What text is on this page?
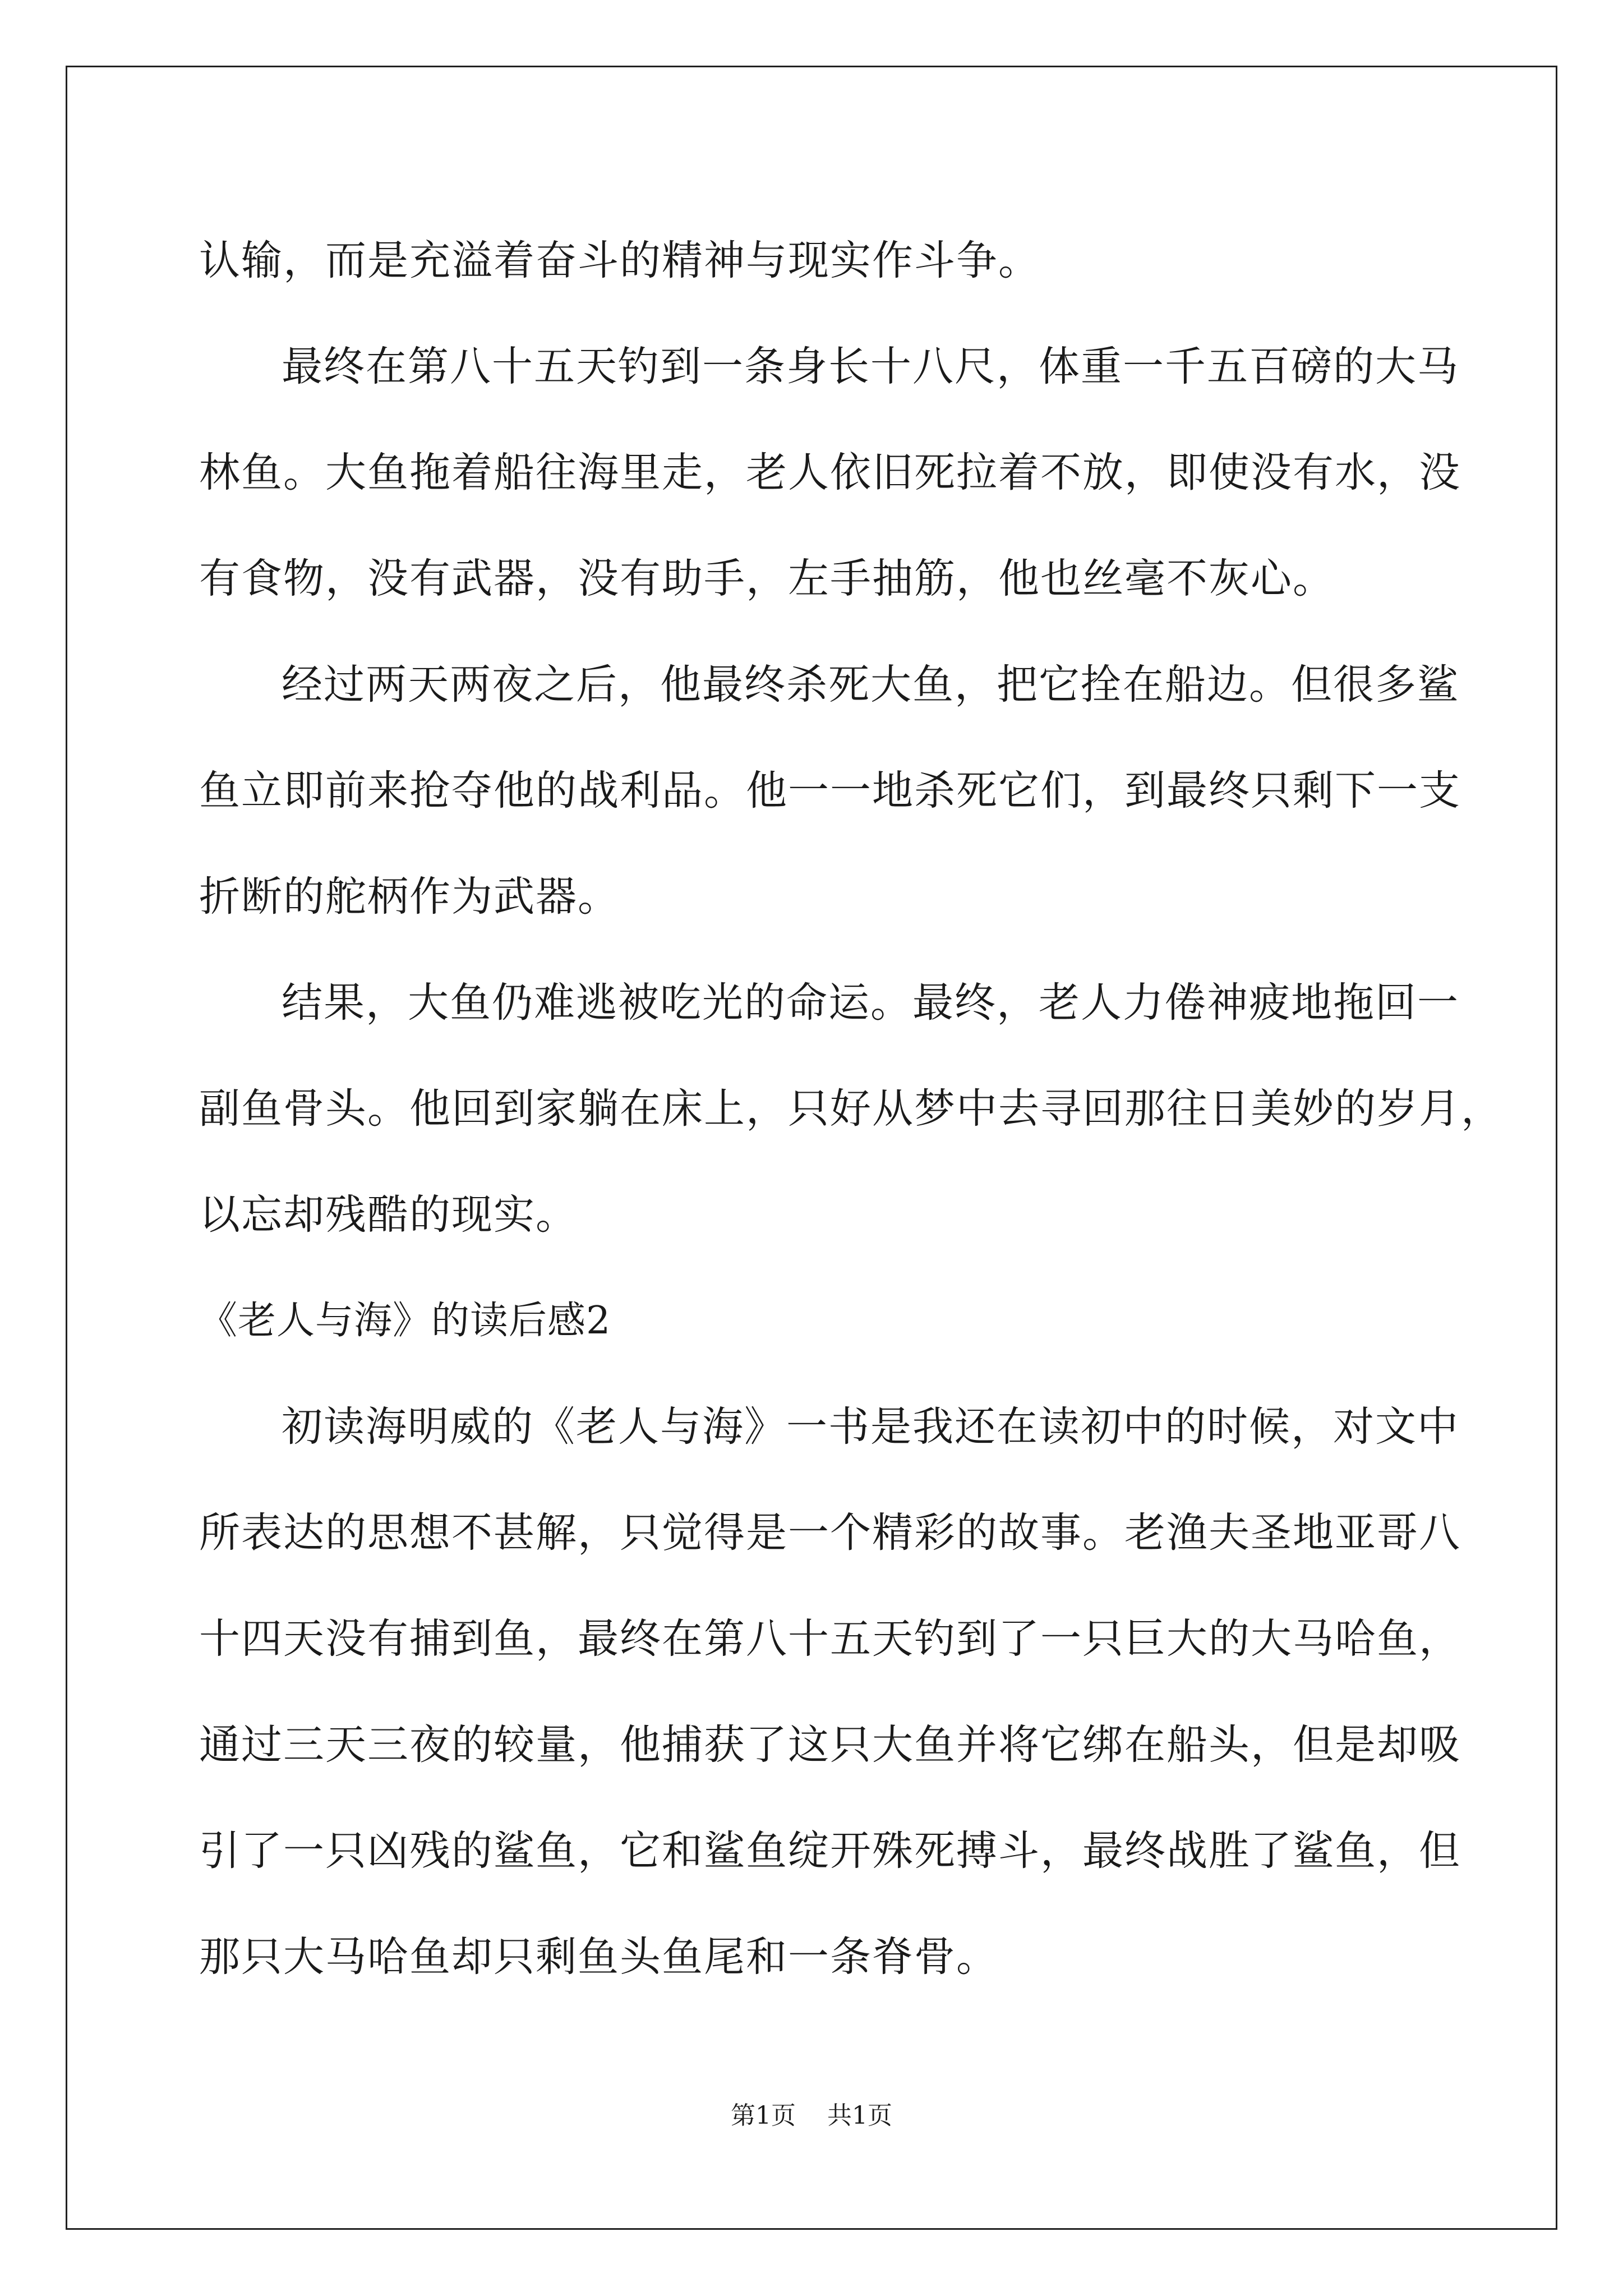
认输，而是充溢着奋斗的精神与现实作斗争。
最终在第八十五天钓到一条身长十八尺，体重一千五百磅的大马
林鱼。大鱼拖着船往海里走，老人依旧死拉着不放，即使没有水，没
有食物，没有武器，没有助手，左手抽筋，他也丝毫不灰心。
经过两天两夜之后，他最终杀死大鱼，把它拴在船边。但很多鲨
鱼立即前来抢夺他的战利品。他一一地杀死它们，到最终只剩下一支
折断的舵柄作为武器。
结果，大鱼仍难逃被吃光的命运。最终，老人力倦神疲地拖回一
副鱼骨头。他回到家躺在床上，只好从梦中去寻回那往日美妙的岁月，
以忘却残酷的现实。
《老人与海》的读后感2
初读海明威的《老人与海》一书是我还在读初中的时候，对文中
所表达的思想不甚解，只觉得是一个精彩的故事。老渔夫圣地亚哥八
十四天没有捕到鱼，最终在第八十五天钓到了一只巨大的大马哈鱼，
通过三天三夜的较量，他捕获了这只大鱼并将它绑在船头，但是却吸
引了一只凶残的鲨鱼，它和鲨鱼绽开殊死搏斗，最终战胜了鲨鱼，但
那只大马哈鱼却只剩鱼头鱼尾和一条脊骨。
第1页 共1页
